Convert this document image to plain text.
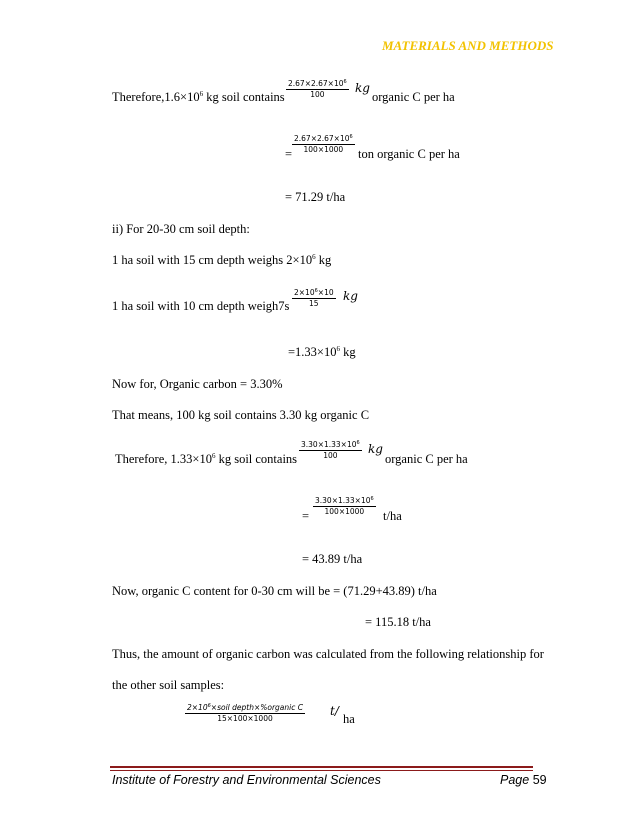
MATERIALS AND METHODS
$Therefore,1.6\times 10^6$ kg soil contains $\frac{2.67\times 2.67\times 10^6}{100}$ kg
organic C per ha
= $\frac{2.67\times 2.67\times 10^6}{100\times 1000}$ ton organic C per ha
= 71.29 t/ha
ii) For 20-30 cm soil depth:
1 ha soil with 15 cm depth weighs $2\times 10^6$ kg
1 ha soil with 10 cm depth weigh7s $\frac{2\times 10^6\times 10}{15}$ kg
$=1.33\times 10^6$ kg
Now for, Organic carbon = 3.30%
That means, 100 kg soil contains 3.30 kg organic C
Therefore, $1.33\times 10^6$ kg soil contains $\frac{3.30\times 1.33\times 10^6}{100}$ kg
organic C per ha
= $\frac{3.30\times 1.33\times 10^6}{100\times 1000} t/ha$
= 43.89 t/ha
Now, organic C content for 0-30 cm will be = (71.29+43.89) t/ha
= 115.18 t/ha
Thus, the amount of organic carbon was calculated from the following relationship for
the other soil samples:
$2\times 10^6\times soil$ depth×%organic C
15×100×1000
t/
ha
Institute of Forestry and Environmental Sciences	Page 59
